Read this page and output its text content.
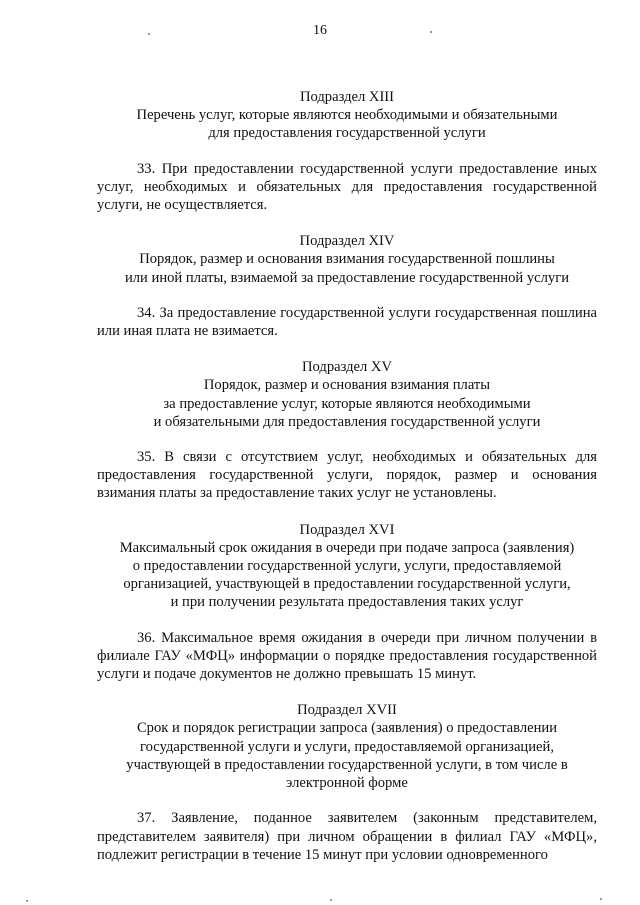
16
Подраздел XIII
Перечень услуг, которые являются необходимыми и обязательными
для предоставления государственной услуги

33. При предоставлении государственной услуги предоставление иных услуг, необходимых и обязательных для предоставления государственной услуги, не осуществляется.

Подраздел XIV
Порядок, размер и основания взимания государственной пошлины
или иной платы, взимаемой за предоставление государственной услуги

34. За предоставление государственной услуги государственная пошлина или иная плата не взимается.

Подраздел XV
Порядок, размер и основания взимания платы
за предоставление услуг, которые являются необходимыми
и обязательными для предоставления государственной услуги

35. В связи с отсутствием услуг, необходимых и обязательных для предоставления государственной услуги, порядок, размер и основания взимания платы за предоставление таких услуг не установлены.

Подраздел XVI
Максимальный срок ожидания в очереди при подаче запроса (заявления)
о предоставлении государственной услуги, услуги, предоставляемой
организацией, участвующей в предоставлении государственной услуги,
и при получении результата предоставления таких услуг

36. Максимальное время ожидания в очереди при личном получении в филиале ГАУ «МФЦ» информации о порядке предоставления государственной услуги и подаче документов не должно превышать 15 минут.

Подраздел XVII
Срок и порядок регистрации запроса (заявления) о предоставлении
государственной услуги и услуги, предоставляемой организацией,
участвующей в предоставлении государственной услуги, в том числе в
электронной форме

37. Заявление, поданное заявителем (законным представителем, представителем заявителя) при личном обращении в филиал ГАУ «МФЦ», подлежит регистрации в течение 15 минут при условии одновременного
